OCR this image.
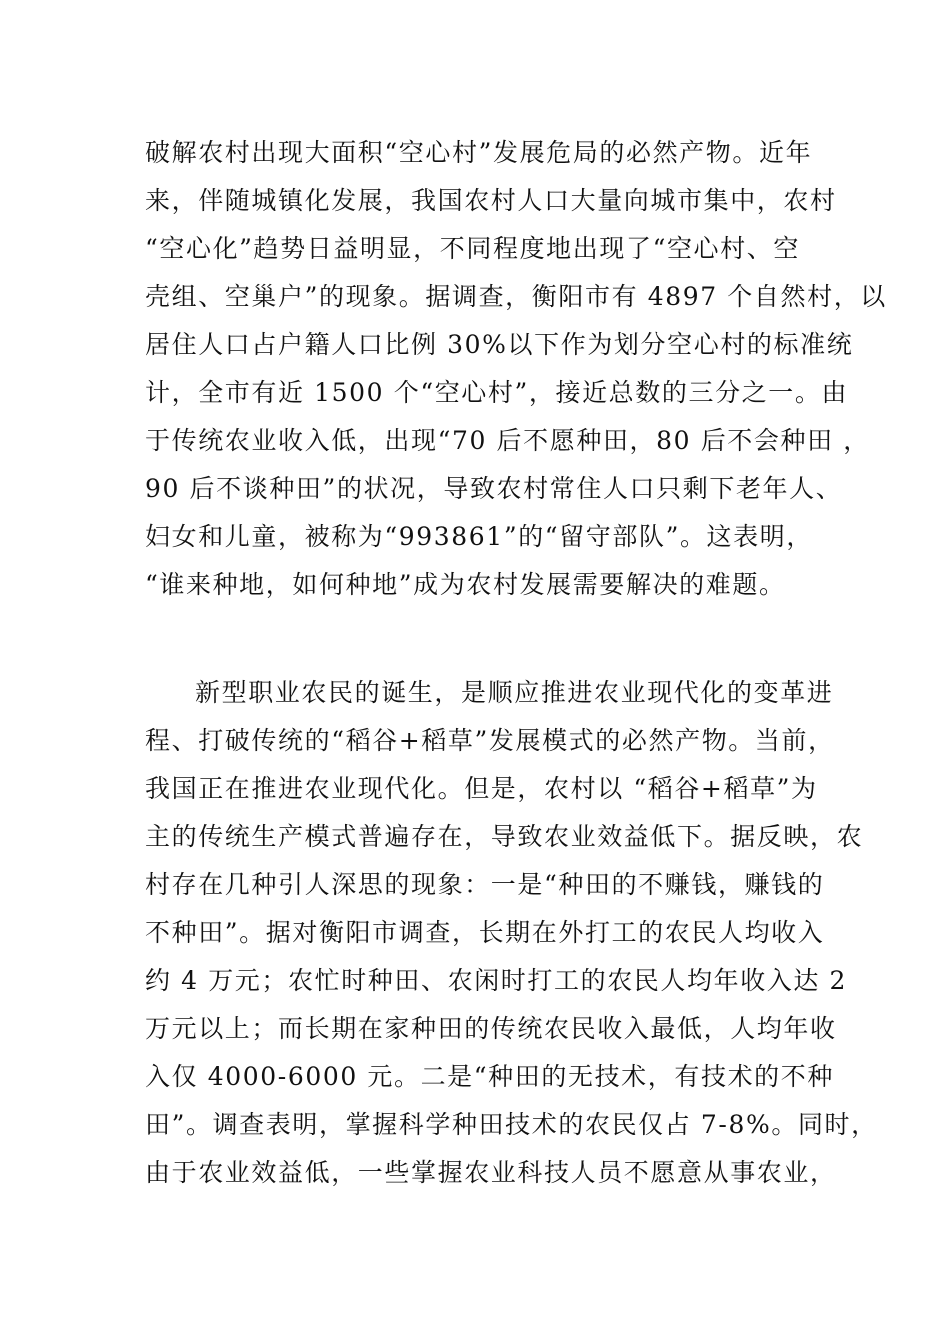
破解农村出现大面积“空心村”发展危局的必然产物。近年
来，伴随城镇化发展，我国农村人口大量向城市集中，农村
“空心化”趋势日益明显，不同程度地出现了“空心村、空
壳组、空巢户”的现象。据调查，衡阳市有 4897 个自然村，以
居住人口占户籍人口比例 30%以下作为划分空心村的标准统
计，全市有近 1500 个“空心村”，接近总数的三分之一。由
于传统农业收入低，出现“70 后不愿种田，80 后不会种田 ，
90 后不谈种田”的状况，导致农村常住人口只剩下老年人、
妇女和儿童，被称为“993861”的“留守部队”。这表明，
“谁来种地，如何种地”成为农村发展需要解决的难题。
新型职业农民的诞生，是顺应推进农业现代化的变革进
程、打破传统的“稻谷+稻草”发展模式的必然产物。当前，
我国正在推进农业现代化。但是，农村以 “稻谷+稻草”为
主的传统生产模式普遍存在，导致农业效益低下。据反映，农
村存在几种引人深思的现象：一是“种田的不赚钱，赚钱的
不种田”。据对衡阳市调查，长期在外打工的农民人均收入
约 4 万元；农忙时种田、农闲时打工的农民人均年收入达 2
万元以上；而长期在家种田的传统农民收入最低，人均年收
入仅 4000-6000 元。二是“种田的无技术，有技术的不种
田”。调查表明，掌握科学种田技术的农民仅占 7-8%。同时，
由于农业效益低，一些掌握农业科技人员不愿意从事农业，
